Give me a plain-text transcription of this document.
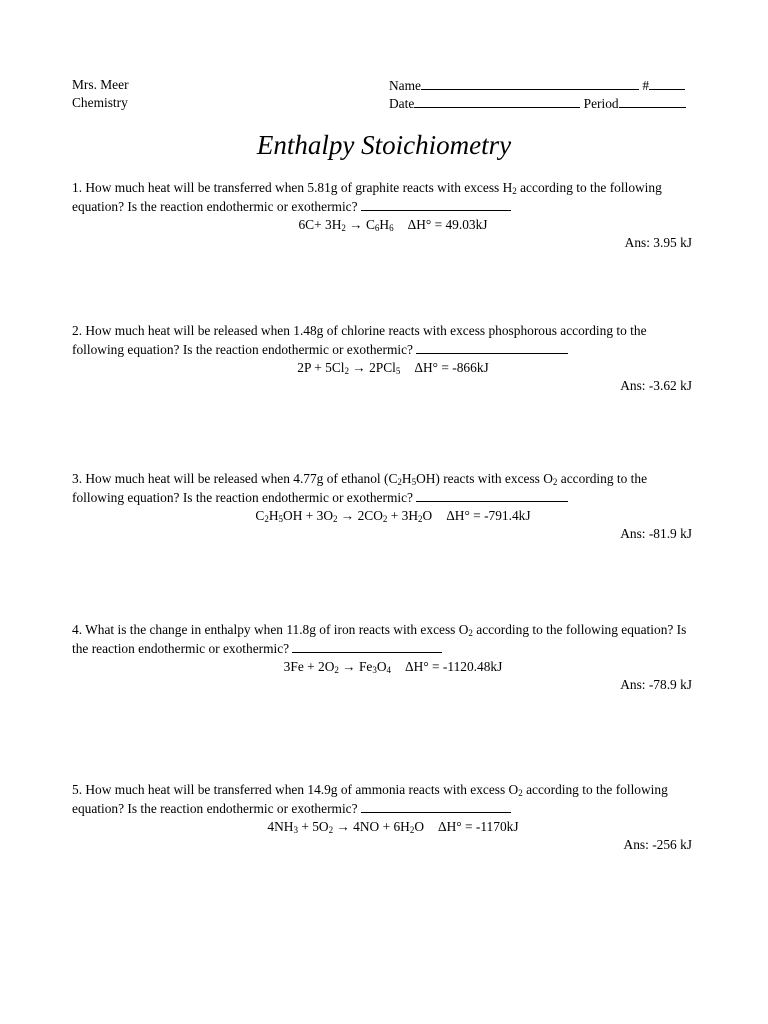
Mrs. Meer
Chemistry
Name	#
Date	Period
Enthalpy Stoichiometry
1. How much heat will be transferred when 5.81g of graphite reacts with excess $H_2$ according to the following equation? Is the reaction endothermic or exothermic?
$6C+ 3H_2 \to C_6H_6$ ΔH° = 49.03kJ
Ans: 3.95 kJ
2. How much heat will be released when 1.48g of chlorine reacts with excess phosphorous according to the following equation? Is the reaction endothermic or exothermic?
$2P + 5Cl_2 \to 2PCl_5$ ΔH° = -866kJ
Ans: -3.62 kJ
3. How much heat will be released when 4.77g of ethanol $(C_2H_5OH)$ reacts with excess $O_2$ according to the following equation? Is the reaction endothermic or exothermic?
$C_2H_5OH + 3O_2 \to 2CO_2 + 3H_2O$ ΔH° = -791.4kJ
Ans: -81.9 kJ
4. What is the change in enthalpy when 11.8g of iron reacts with excess $O_2$ according to the following equation? Is the reaction endothermic or exothermic?
$3Fe + 2O_2 \to Fe_3O_4$ ΔH° = -1120.48kJ
Ans: -78.9 kJ
5. How much heat will be transferred when 14.9g of ammonia reacts with excess $O_2$ according to the following equation? Is the reaction endothermic or exothermic?
$4NH_3 + 5O_2 \to 4NO + 6H_2O$ ΔH° = -1170kJ
Ans: -256 kJ
